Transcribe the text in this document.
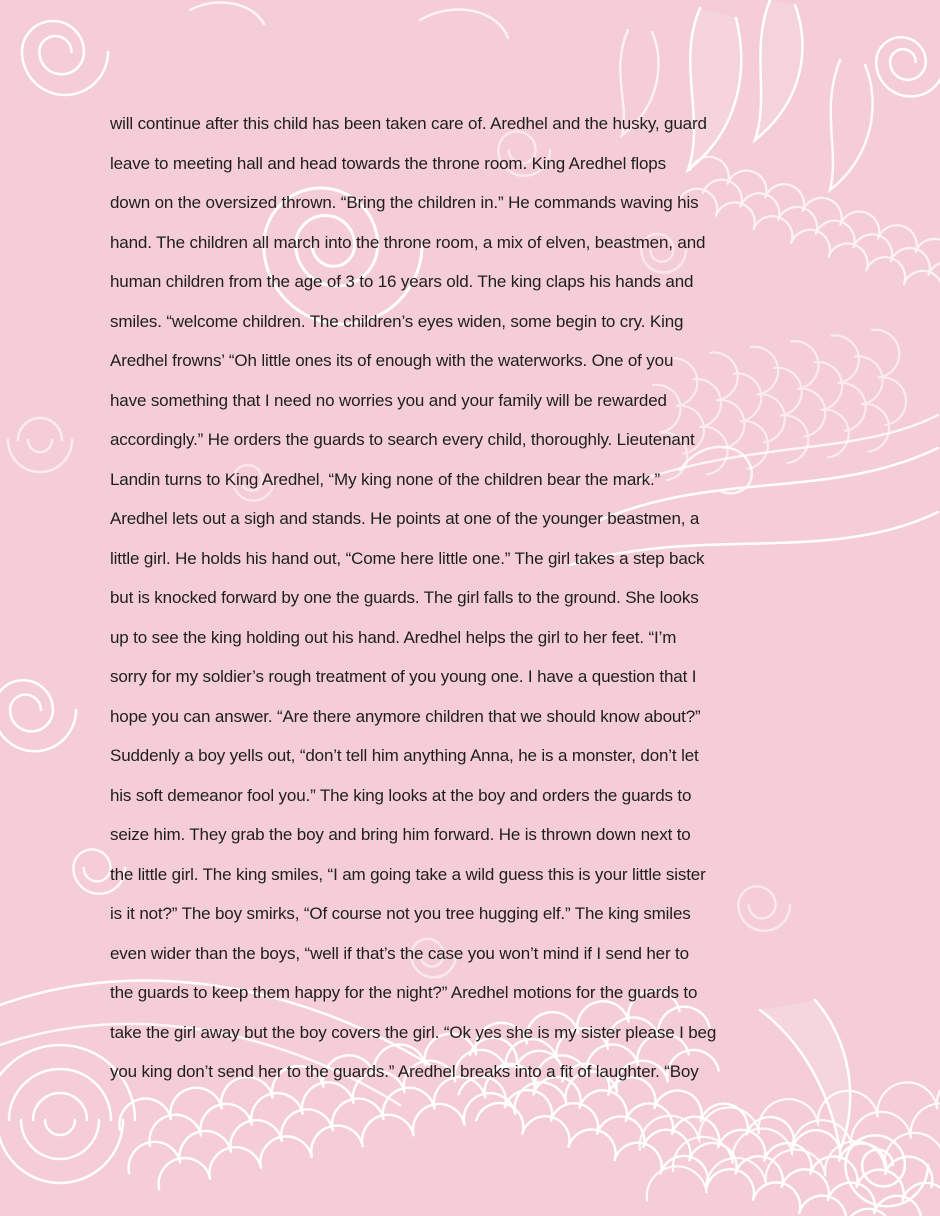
will continue after this child has been taken care of. Aredhel and the husky, guard
leave to meeting hall and head towards the throne room. King Aredhel flops
down on the oversized thrown. “Bring the children in.” He commands waving his
hand. The children all march into the throne room, a mix of elven, beastmen, and
human children from the age of 3 to 16 years old. The king claps his hands and
smiles. “welcome children. The children’s eyes widen, some begin to cry. King
Aredhel frowns’ “Oh little ones its of enough with the waterworks. One of you
have something that I need no worries you and your family will be rewarded
accordingly.” He orders the guards to search every child, thoroughly. Lieutenant
Landin turns to King Aredhel, “My king none of the children bear the mark.”
Aredhel lets out a sigh and stands. He points at one of the younger beastmen, a
little girl. He holds his hand out, “Come here little one.” The girl takes a step back
but is knocked forward by one the guards. The girl falls to the ground. She looks
up to see the king holding out his hand. Aredhel helps the girl to her feet. “I’m
sorry for my soldier’s rough treatment of you young one. I have a question that I
hope you can answer. “Are there anymore children that we should know about?”
Suddenly a boy yells out, “don’t tell him anything Anna, he is a monster, don’t let
his soft demeanor fool you.” The king looks at the boy and orders the guards to
seize him. They grab the boy and bring him forward. He is thrown down next to
the little girl. The king smiles, “I am going take a wild guess this is your little sister
is it not?” The boy smirks, “Of course not you tree hugging elf.” The king smiles
even wider than the boys, “well if that’s the case you won’t mind if I send her to
the guards to keep them happy for the night?” Aredhel motions for the guards to
take the girl away but the boy covers the girl. “Ok yes she is my sister please I beg
you king don’t send her to the guards.” Aredhel breaks into a fit of laughter. “Boy
